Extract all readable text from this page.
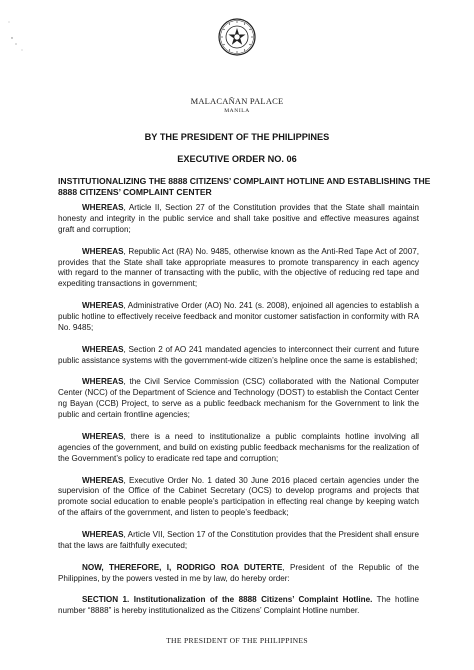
MALACAÑAN PALACE
MANILA
BY THE PRESIDENT OF THE PHILIPPINES
EXECUTIVE ORDER NO. 06
INSTITUTIONALIZING THE 8888 CITIZENS’ COMPLAINT HOTLINE AND ESTABLISHING THE 8888 CITIZENS’ COMPLAINT CENTER

WHEREAS, Article II, Section 27 of the Constitution provides that the State shall maintain honesty and integrity in the public service and shall take positive and effective measures against graft and corruption;

WHEREAS, Republic Act (RA) No. 9485, otherwise known as the Anti-Red Tape Act of 2007, provides that the State shall take appropriate measures to promote transparency in each agency with regard to the manner of transacting with the public, with the objective of reducing red tape and expediting transactions in government;

WHEREAS, Administrative Order (AO) No. 241 (s. 2008), enjoined all agencies to establish a public hotline to effectively receive feedback and monitor customer satisfaction in conformity with RA No. 9485;

WHEREAS, Section 2 of AO 241 mandated agencies to interconnect their current and future public assistance systems with the government-wide citizen’s helpline once the same is established;

WHEREAS, the Civil Service Commission (CSC) collaborated with the National Computer Center (NCC) of the Department of Science and Technology (DOST) to establish the Contact Center ng Bayan (CCB) Project, to serve as a public feedback mechanism for the Government to link the public and certain frontline agencies;

WHEREAS, there is a need to institutionalize a public complaints hotline involving all agencies of the government, and build on existing public feedback mechanisms for the realization of the Government’s policy to eradicate red tape and corruption;

WHEREAS, Executive Order No. 1 dated 30 June 2016 placed certain agencies under the supervision of the Office of the Cabinet Secretary (OCS) to develop programs and projects that promote social education to enable people’s participation in effecting real change by keeping watch of the affairs of the government, and listen to people’s feedback;

WHEREAS, Article VII, Section 17 of the Constitution provides that the President shall ensure that the laws are faithfully executed;

NOW, THEREFORE, I, RODRIGO ROA DUTERTE, President of the Republic of the Philippines, by the powers vested in me by law, do hereby order:

SECTION 1. Institutionalization of the 8888 Citizens’ Complaint Hotline. The hotline number “8888” is hereby institutionalized as the Citizens’ Complaint Hotline number.

THE PRESIDENT OF THE PHILIPPINES
